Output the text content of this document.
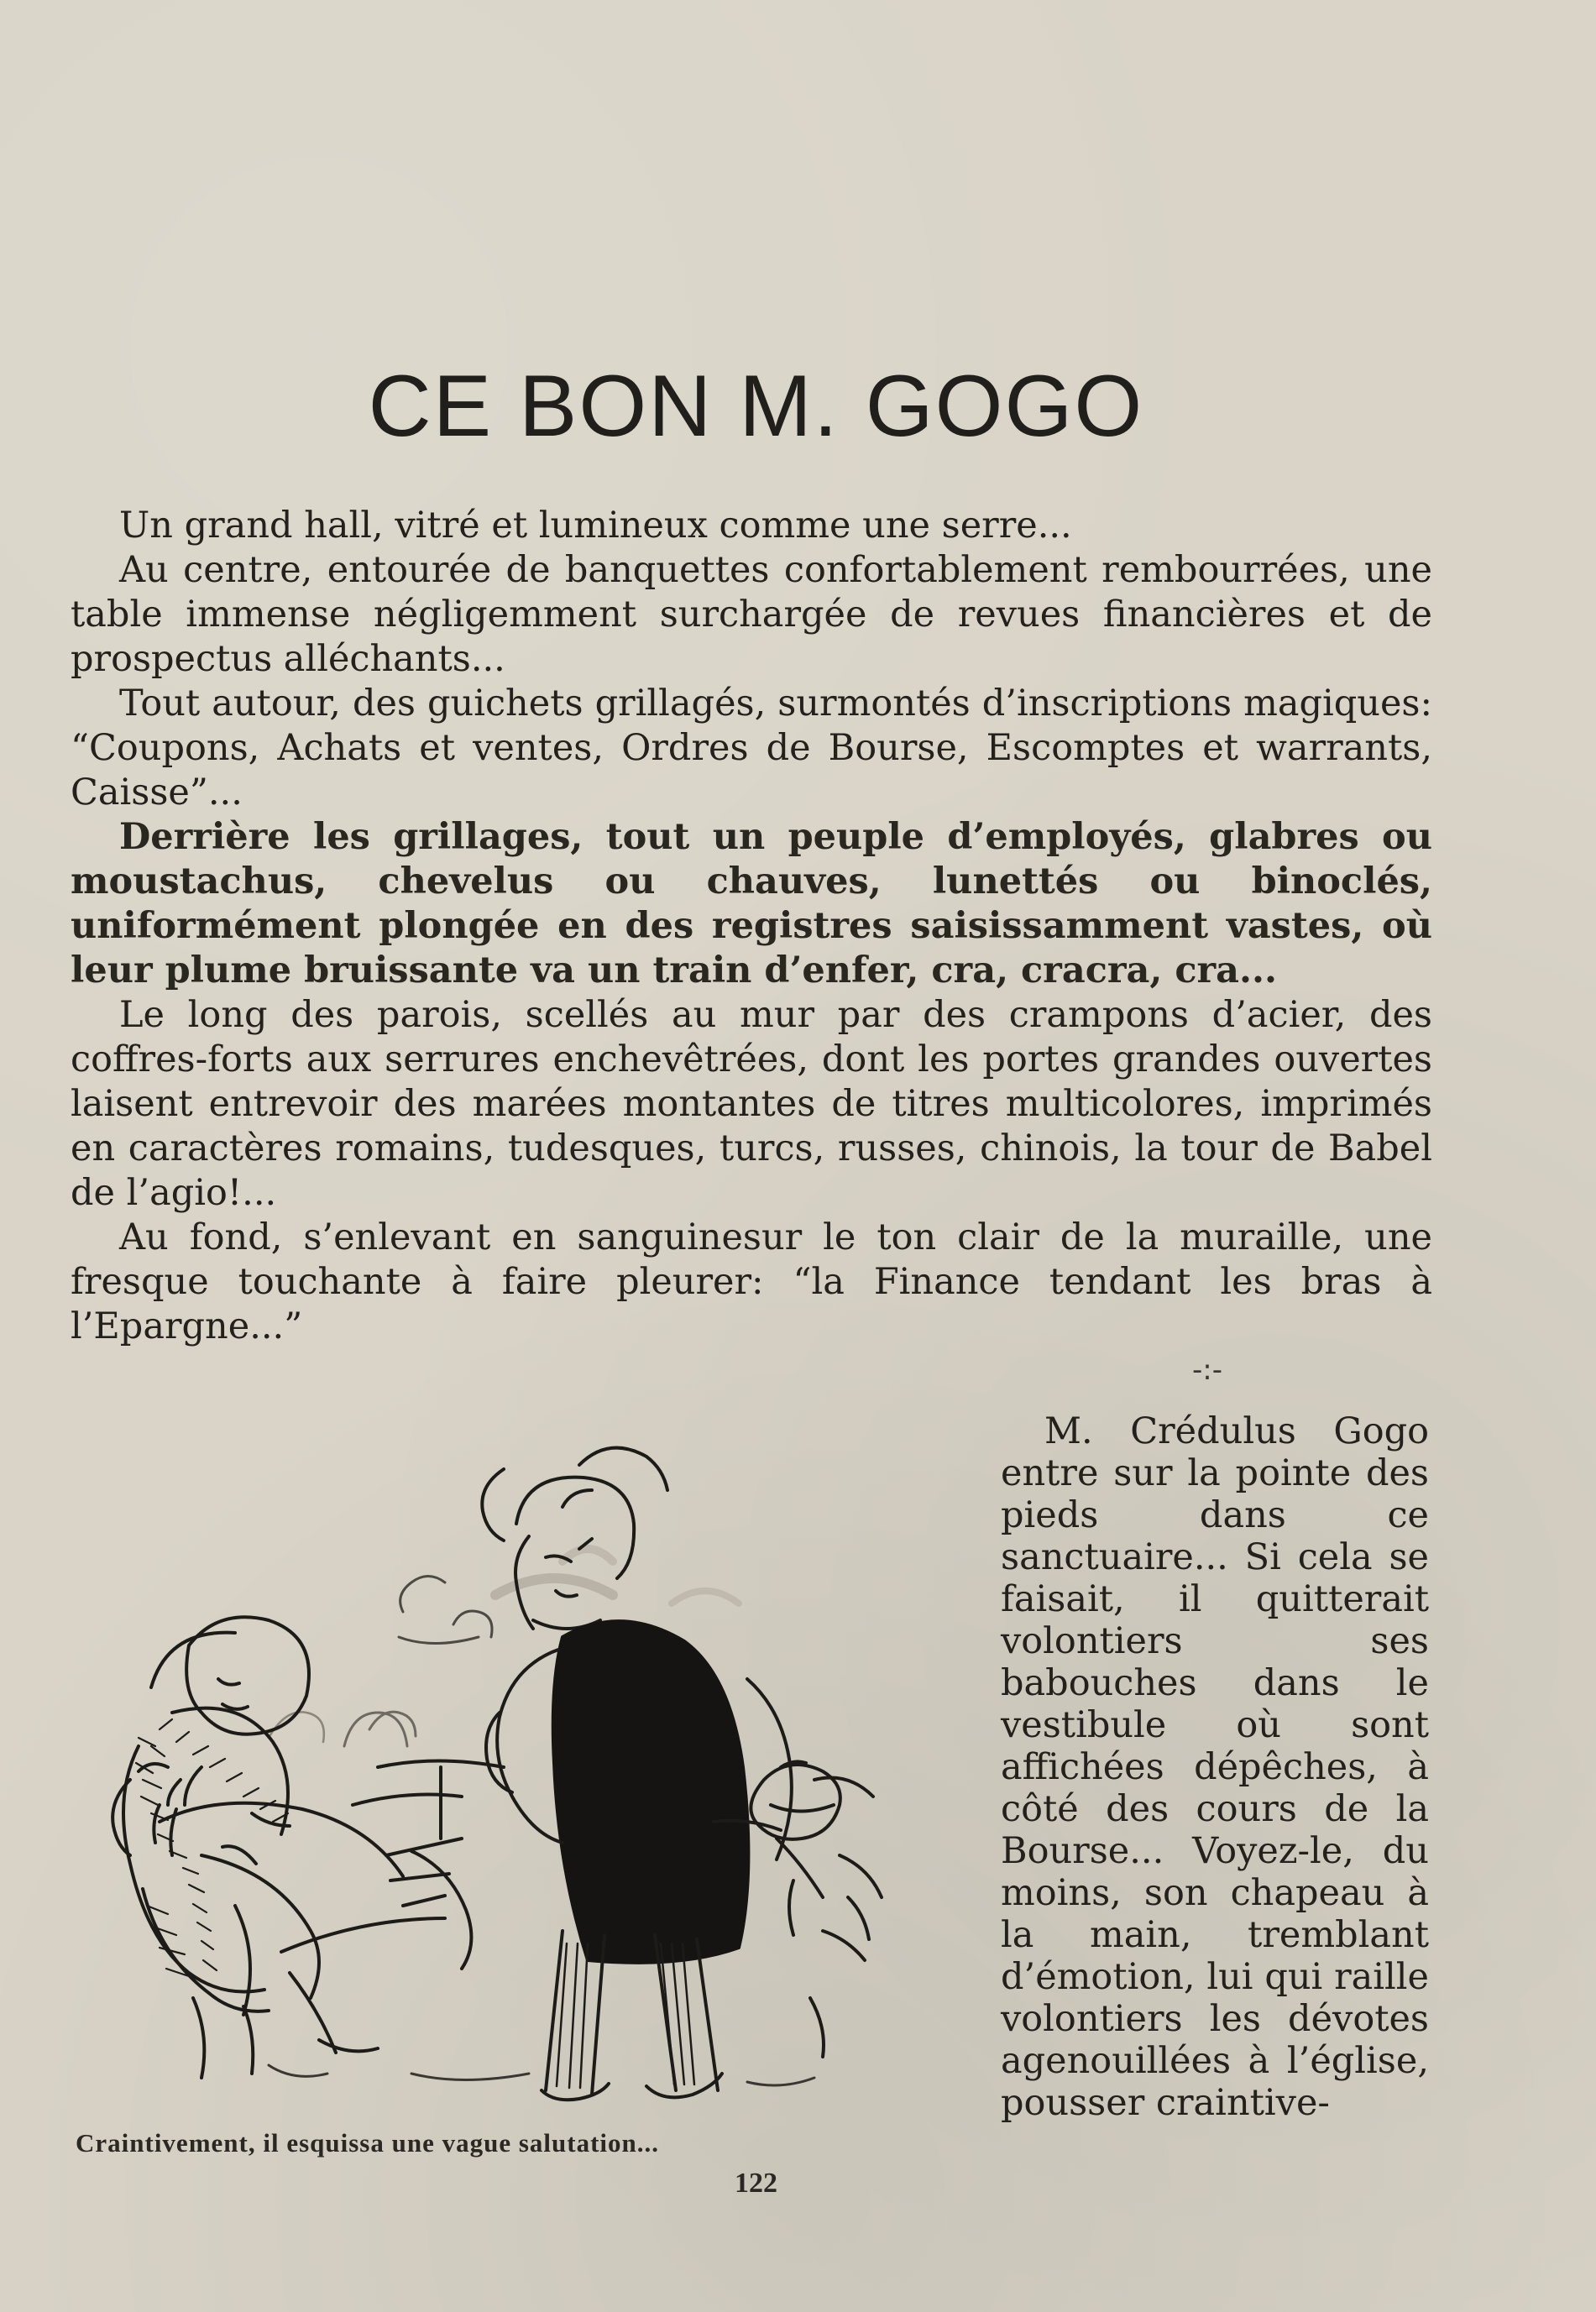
CE BON M. GOGO

Un grand hall, vitré et lumineux comme une serre...

Au centre, entourée de banquettes confortablement rembourrées, une table immense négligemment surchargée de revues financières et de prospectus alléchants...

Tout autour, des guichets grillagés, surmontés d’inscriptions magiques: “Coupons, Achats et ventes, Ordres de Bourse, Escomptes et warrants, Caisse”...

Derrière les grillages, tout un peuple d’employés, glabres ou moustachus, chevelus ou chauves, lunettés ou binoclés, uniformément plongée en des registres saisissamment vastes, où leur plume bruissante va un train d’enfer, cra, cracra, cra...

Le long des parois, scellés au mur par des crampons d’acier, des coffres-forts aux serrures enchevêtrées, dont les portes grandes ouvertes laisent entrevoir des marées montantes de titres multicolores, imprimés en caractères romains, tudesques, turcs, russes, chinois, la tour de Babel de l’agio!...

Au fond, s’enlevant en sanguinesur le ton clair de la muraille, une fresque touchante à faire pleurer: “la Finance tendant les bras à l’Epargne...”

-:-
Craintivement, il esquissa une vague salutation...

M. Crédulus Gogo entre sur la pointe des pieds dans ce sanctuaire... Si cela se faisait, il quitterait volontiers ses babouches dans le vestibule où sont affichées dépêches, à côté des cours de la Bourse... Voyez-le, du moins, son chapeau à la main, tremblant d’émotion, lui qui raille volontiers les dévotes agenouillées à l’église, pousser craintive-

122
